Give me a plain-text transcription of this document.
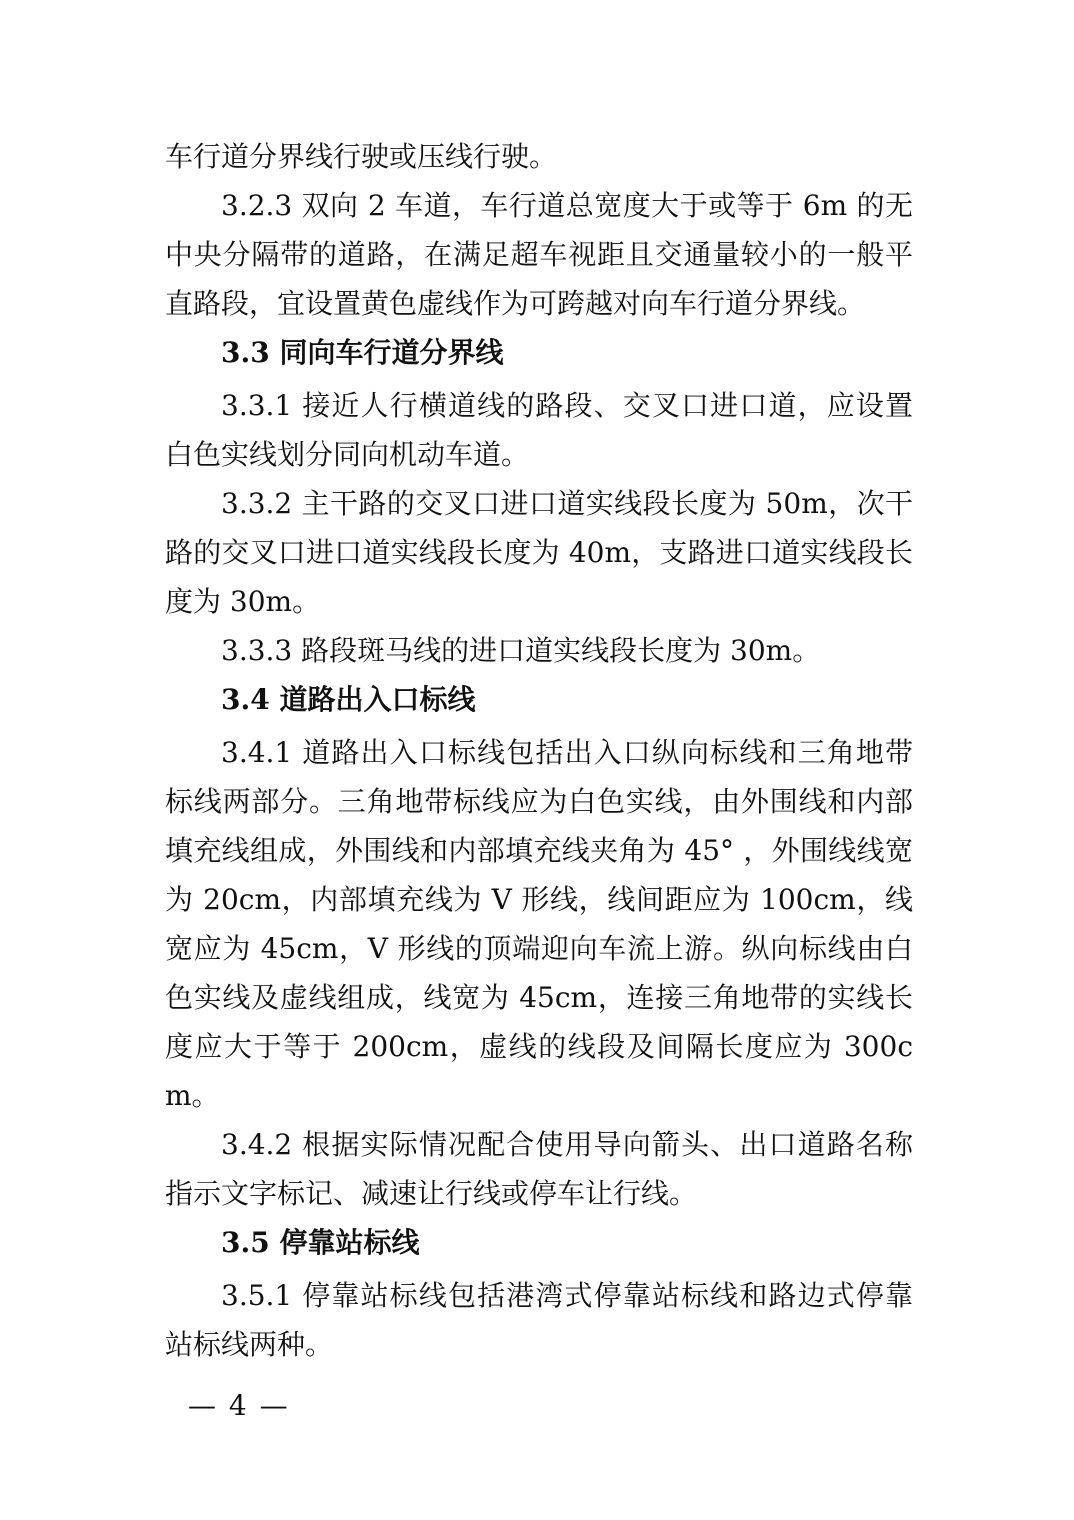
车行道分界线行驶或压线行驶。

3.2.3 双向 2 车道，车行道总宽度大于或等于 6m 的无中央分隔带的道路，在满足超车视距且交通量较小的一般平直路段，宜设置黄色虚线作为可跨越对向车行道分界线。

3.3 同向车行道分界线

3.3.1 接近人行横道线的路段、交叉口进口道，应设置白色实线划分同向机动车道。

3.3.2 主干路的交叉口进口道实线段长度为 50m，次干路的交叉口进口道实线段长度为 40m，支路进口道实线段长度为 30m。

3.3.3 路段斑马线的进口道实线段长度为 30m。

3.4 道路出入口标线

3.4.1 道路出入口标线包括出入口纵向标线和三角地带标线两部分。三角地带标线应为白色实线，由外围线和内部填充线组成，外围线和内部填充线夹角为 45° ，外围线线宽为 20cm，内部填充线为 V 形线，线间距应为 100cm，线宽应为 45cm，V 形线的顶端迎向车流上游。纵向标线由白色实线及虚线组成，线宽为 45cm，连接三角地带的实线长度应大于等于 200cm，虚线的线段及间隔长度应为 300cm。

3.4.2 根据实际情况配合使用导向箭头、出口道路名称指示文字标记、减速让行线或停车让行线。

3.5 停靠站标线

3.5.1 停靠站标线包括港湾式停靠站标线和路边式停靠站标线两种。

— 4 —
